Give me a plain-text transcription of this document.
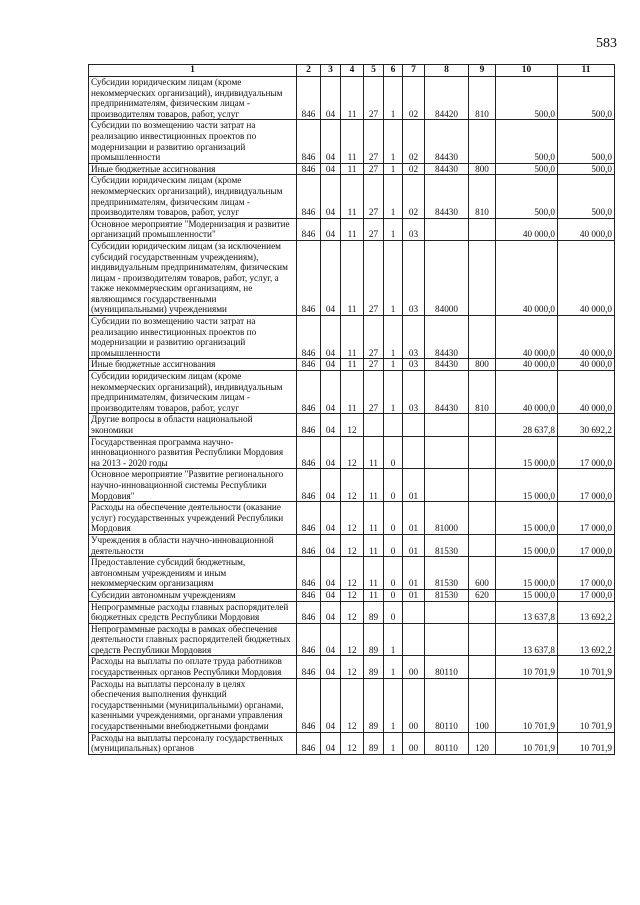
583
1	2	3	4	5	6	7	8	9	10	11
Субсидии юридическим лицам (кроме некоммерческих организаций), индивидуальным предпринимателям, физическим лицам - производителям товаров, работ, услуг	846	04	11	27	1	02	84420	810	500,0	500,0
Субсидии по возмещению части затрат на реализацию инвестиционных проектов по модернизации и развитию организаций промышленности	846	04	11	27	1	02	84430		500,0	500,0
Иные бюджетные ассигнования	846	04	11	27	1	02	84430	800	500,0	500,0
Субсидии юридическим лицам (кроме некоммерческих организаций), индивидуальным предпринимателям, физическим лицам - производителям товаров, работ, услуг	846	04	11	27	1	02	84430	810	500,0	500,0
Основное мероприятие "Модернизация и развитие организаций промышленности"	846	04	11	27	1	03			40 000,0	40 000,0
Субсидии юридическим лицам (за исключением субсидий государственным учреждениям), индивидуальным предпринимателям, физическим лицам - производителям товаров, работ, услуг, а также некоммерческим организациям, не являющимся государственными (муниципальными) учреждениями	846	04	11	27	1	03	84000		40 000,0	40 000,0
Субсидии по возмещению части затрат на реализацию инвестиционных проектов по модернизации и развитию организаций промышленности	846	04	11	27	1	03	84430		40 000,0	40 000,0
Иные бюджетные ассигнования	846	04	11	27	1	03	84430	800	40 000,0	40 000,0
Субсидии юридическим лицам (кроме некоммерческих организаций), индивидуальным предпринимателям, физическим лицам - производителям товаров, работ, услуг	846	04	11	27	1	03	84430	810	40 000,0	40 000,0
Другие вопросы в области национальной экономики	846	04	12						28 637,8	30 692,2
Государственная программа научно-инновационного развития Республики Мордовия на 2013 - 2020 годы	846	04	12	11	0				15 000,0	17 000,0
Основное мероприятие "Развитие регионального научно-инновационной системы Республики Мордовия"	846	04	12	11	0	01			15 000,0	17 000,0
Расходы на обеспечение деятельности (оказание услуг) государственных учреждений Республики Мордовия	846	04	12	11	0	01	81000		15 000,0	17 000,0
Учреждения в области научно-инновационной деятельности	846	04	12	11	0	01	81530		15 000,0	17 000,0
Предоставление субсидий бюджетным, автономным учреждениям и иным некоммерческим организациям	846	04	12	11	0	01	81530	600	15 000,0	17 000,0
Субсидии автономным учреждениям	846	04	12	11	0	01	81530	620	15 000,0	17 000,0
Непрограммные расходы главных распорядителей бюджетных средств Республики Мордовия	846	04	12	89	0				13 637,8	13 692,2
Непрограммные расходы в рамках обеспечения деятельности главных распорядителей бюджетных средств Республики Мордовия	846	04	12	89	1				13 637,8	13 692,2
Расходы на выплаты по оплате труда работников государственных органов Республики Мордовия	846	04	12	89	1	00	80110		10 701,9	10 701,9
Расходы на выплаты персоналу в целях обеспечения выполнения функций государственными (муниципальными) органами, казенными учреждениями, органами управления государственными внебюджетными фондами	846	04	12	89	1	00	80110	100	10 701,9	10 701,9
Расходы на выплаты персоналу государственных (муниципальных) органов	846	04	12	89	1	00	80110	120	10 701,9	10 701,9
